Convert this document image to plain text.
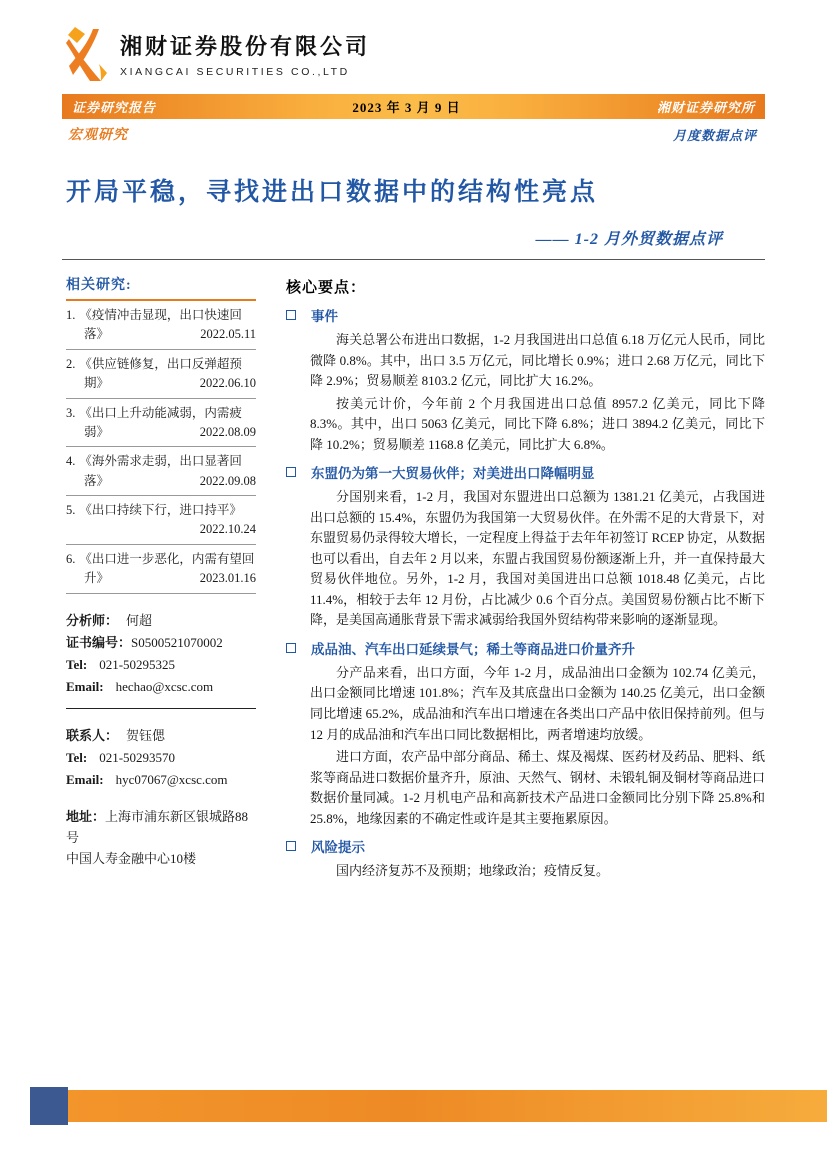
湘财证券股份有限公司
XIANGCAI SECURITIES CO.,LTD
证券研究报告	2023 年 3 月 9 日	湘财证券研究所
宏观研究	月度数据点评
开局平稳，寻找进出口数据中的结构性亮点
—— 1-2 月外贸数据点评
相关研究:
1. 《疫情冲击显现，出口快速回落》	2022.05.11
2. 《供应链修复，出口反弹超预期》	2022.06.10
3. 《出口上升动能减弱，内需疲弱》	2022.08.09
4. 《海外需求走弱，出口显著回落》	2022.09.08
5. 《出口持续下行，进口持平》
2022.10.24
6. 《出口进一步恶化，内需有望回升》	2023.01.16
分析师： 何超
证书编号：S0500521070002
Tel: 021-50295325
Email: hechao@xcsc.com
联系人： 贺钰偲
Tel: 021-50293570
Email: hyc07067@xcsc.com
地址：上海市浦东新区银城路88号
中国人寿金融中心10楼
核心要点：
事件

海关总署公布进出口数据，1-2 月我国进出口总值 6.18 万亿元人民币，同比微降 0.8%。其中，出口 3.5 万亿元，同比增长 0.9%；进口 2.68 万亿元，同比下降 2.9%；贸易顺差 8103.2 亿元，同比扩大 16.2%。

按美元计价，今年前 2 个月我国进出口总值 8957.2 亿美元，同比下降 8.3%。其中，出口 5063 亿美元，同比下降 6.8%；进口 3894.2 亿美元，同比下降 10.2%；贸易顺差 1168.8 亿美元，同比扩大 6.8%。

东盟仍为第一大贸易伙伴；对美进出口降幅明显

分国别来看，1-2 月，我国对东盟进出口总额为 1381.21 亿美元，占我国进出口总额的 15.4%，东盟仍为我国第一大贸易伙伴。在外需不足的大背景下，对东盟贸易仍录得较大增长，一定程度上得益于去年年初签订 RCEP 协定，从数据也可以看出，自去年 2 月以来，东盟占我国贸易份额逐渐上升，并一直保持最大贸易伙伴地位。另外，1-2 月，我国对美国进出口总额 1018.48 亿美元，占比 11.4%，相较于去年 12 月份，占比减少 0.6 个百分点。美国贸易份额占比不断下降，是美国高通胀背景下需求减弱给我国外贸结构带来影响的逐渐显现。

成品油、汽车出口延续景气；稀土等商品进口价量齐升

分产品来看，出口方面，今年 1-2 月，成品油出口金额为 102.74 亿美元，出口金额同比增速 101.8%；汽车及其底盘出口金额为 140.25 亿美元，出口金额同比增速 65.2%，成品油和汽车出口增速在各类出口产品中依旧保持前列。但与 12 月的成品油和汽车出口同比数据相比，两者增速均放缓。

进口方面，农产品中部分商品、稀土、煤及褐煤、医药材及药品、肥料、纸浆等商品进口数据价量齐升，原油、天然气、钢材、未锻轧铜及铜材等商品进口数据价量同减。1-2 月机电产品和高新技术产品进口金额同比分别下降 25.8%和 25.8%，地缘因素的不确定性或许是其主要拖累原因。

风险提示

国内经济复苏不及预期；地缘政治；疫情反复。
